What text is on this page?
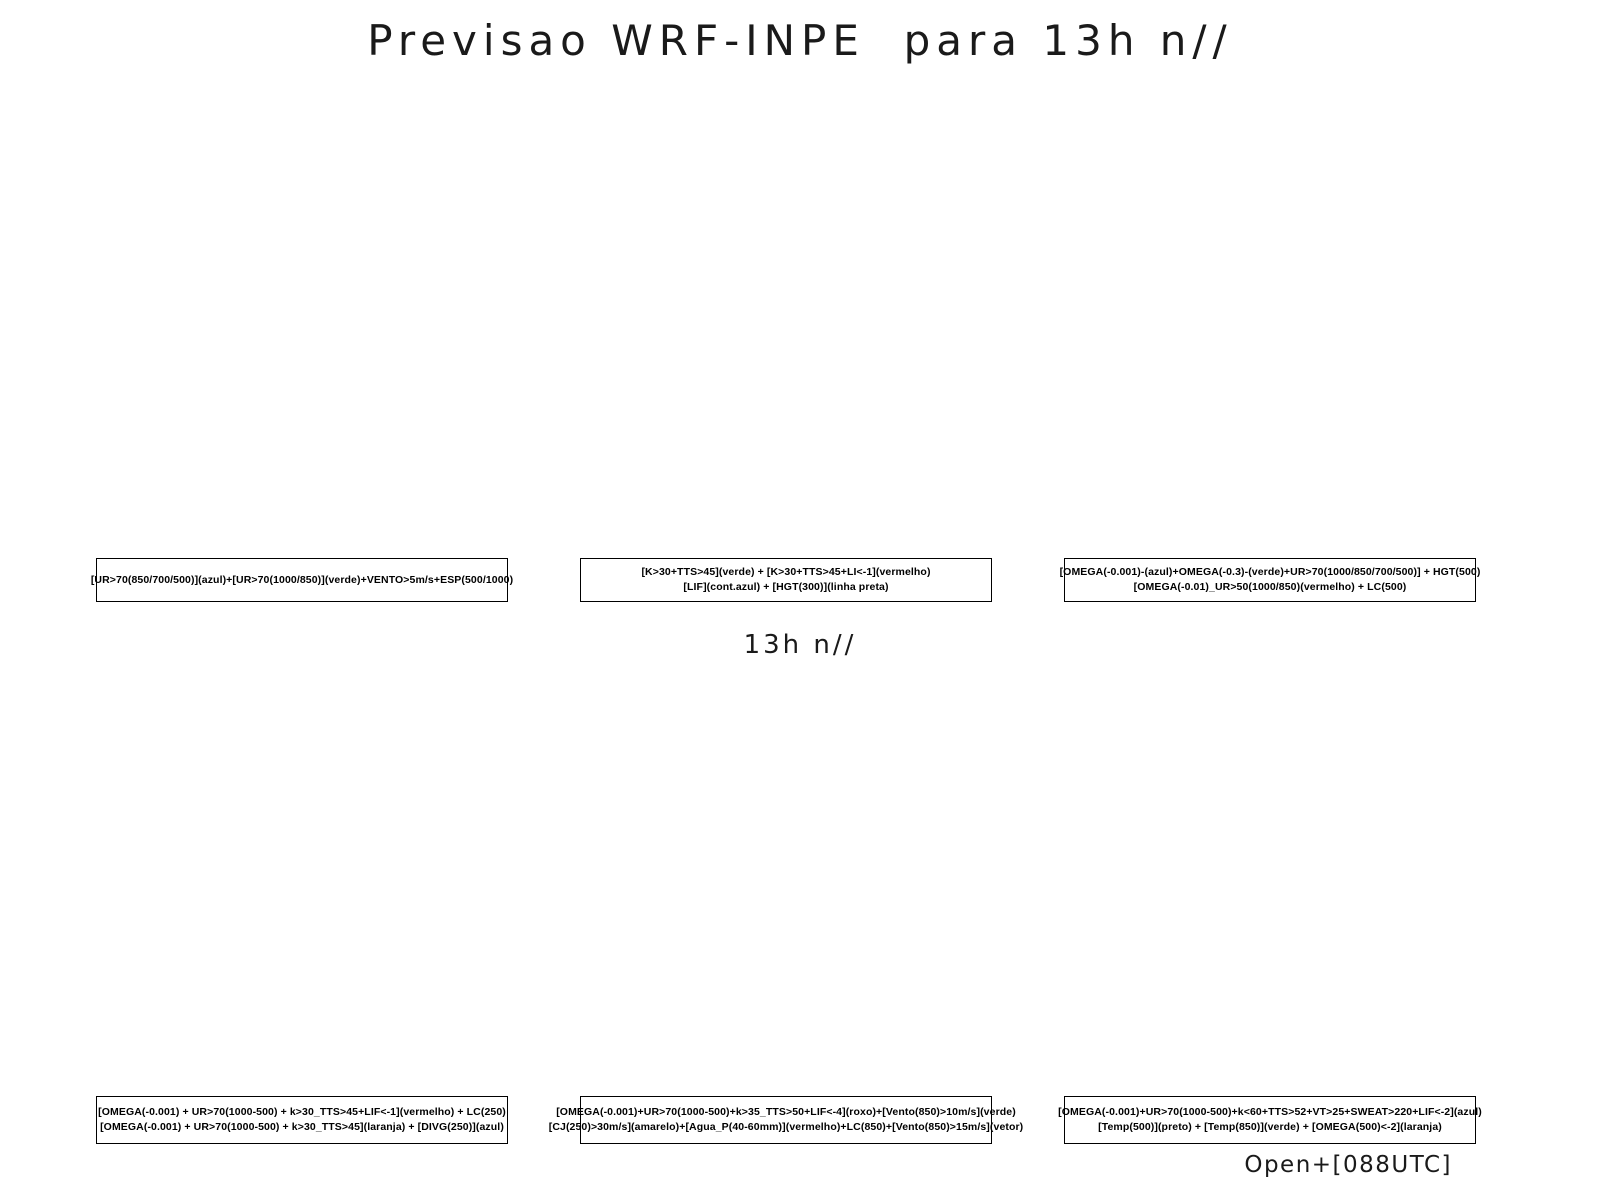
Previsao WRF-INPE  para 13h n//
[UR>70(850/700/500)](azul)+[UR>70(1000/850)](verde)+VENTO>5m/s+ESP(500/1000)
[K>30+TTS>45](verde) + [K>30+TTS>45+LI<-1](vermelho)
[LIF](cont.azul) + [HGT(300)](linha preta)
[OMEGA(-0.001)-(azul)+OMEGA(-0.3)-(verde)+UR>70(1000/850/700/500)] + HGT(500)
[OMEGA(-0.01)_UR>50(1000/850)(vermelho) + LC(500)
13h n//
[OMEGA(-0.001) + UR>70(1000-500) + k>30_TTS>45+LIF<-1](vermelho) + LC(250)
[OMEGA(-0.001) + UR>70(1000-500) + k>30_TTS>45](laranja) + [DIVG(250)](azul)
[OMEGA(-0.001)+UR>70(1000-500)+k>35_TTS>50+LIF<-4](roxo)+[Vento(850)>10m/s](verde)
[CJ(250)>30m/s](amarelo)+[Agua_P(40-60mm)](vermelho)+LC(850)+[Vento(850)>15m/s](vetor)
[OMEGA(-0.001)+UR>70(1000-500)+k<60+TTS>52+VT>25+SWEAT>220+LIF<-2](azul)
[Temp(500)](preto) + [Temp(850)](verde) + [OMEGA(500)<-2](laranja)
Open+[088UTC]
